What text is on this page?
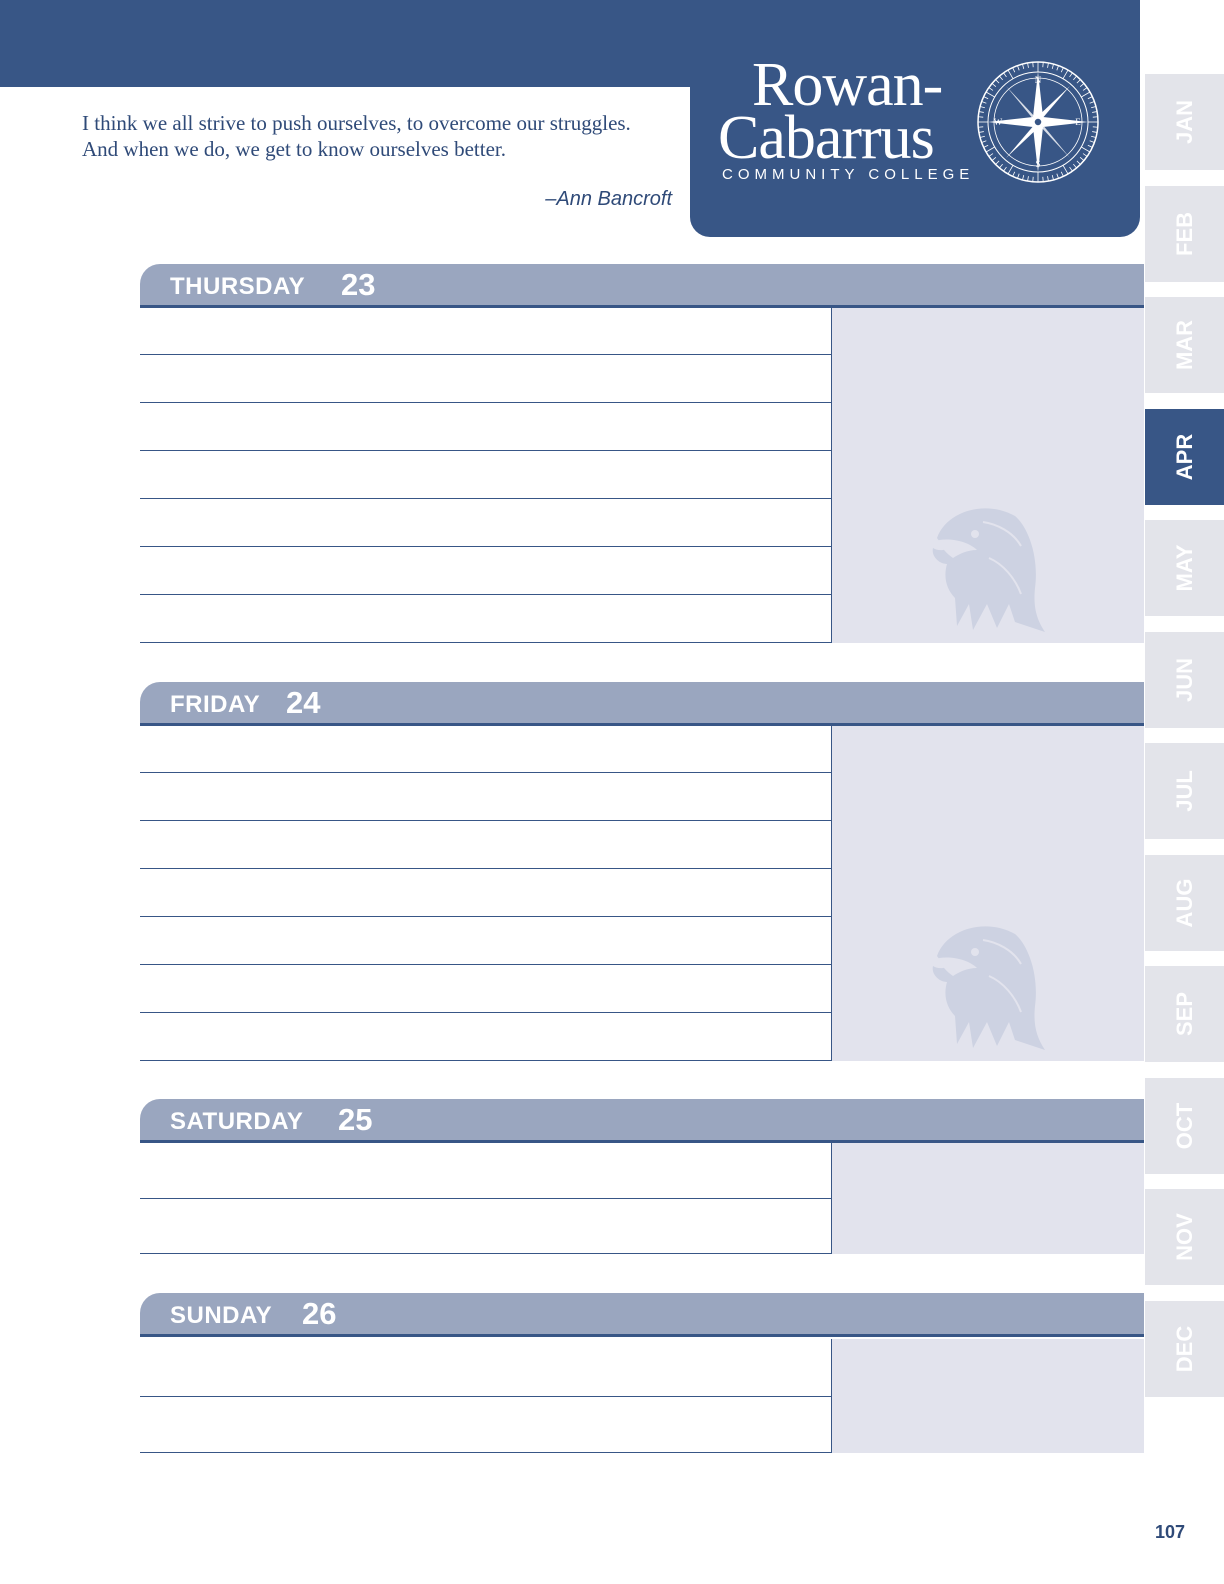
I think we all strive to push ourselves, to overcome our struggles. And when we do, we get to know ourselves better.

–Ann Bancroft

Rowan-
Cabarrus
COMMUNITY COLLEGE
N
E
S
W
THURSDAY 23
FRIDAY 24
SATURDAY 25
SUNDAY 26
JAN
FEB
MAR
APR
MAY
JUN
JUL
AUG
SEP
OCT
NOV
DEC
107
